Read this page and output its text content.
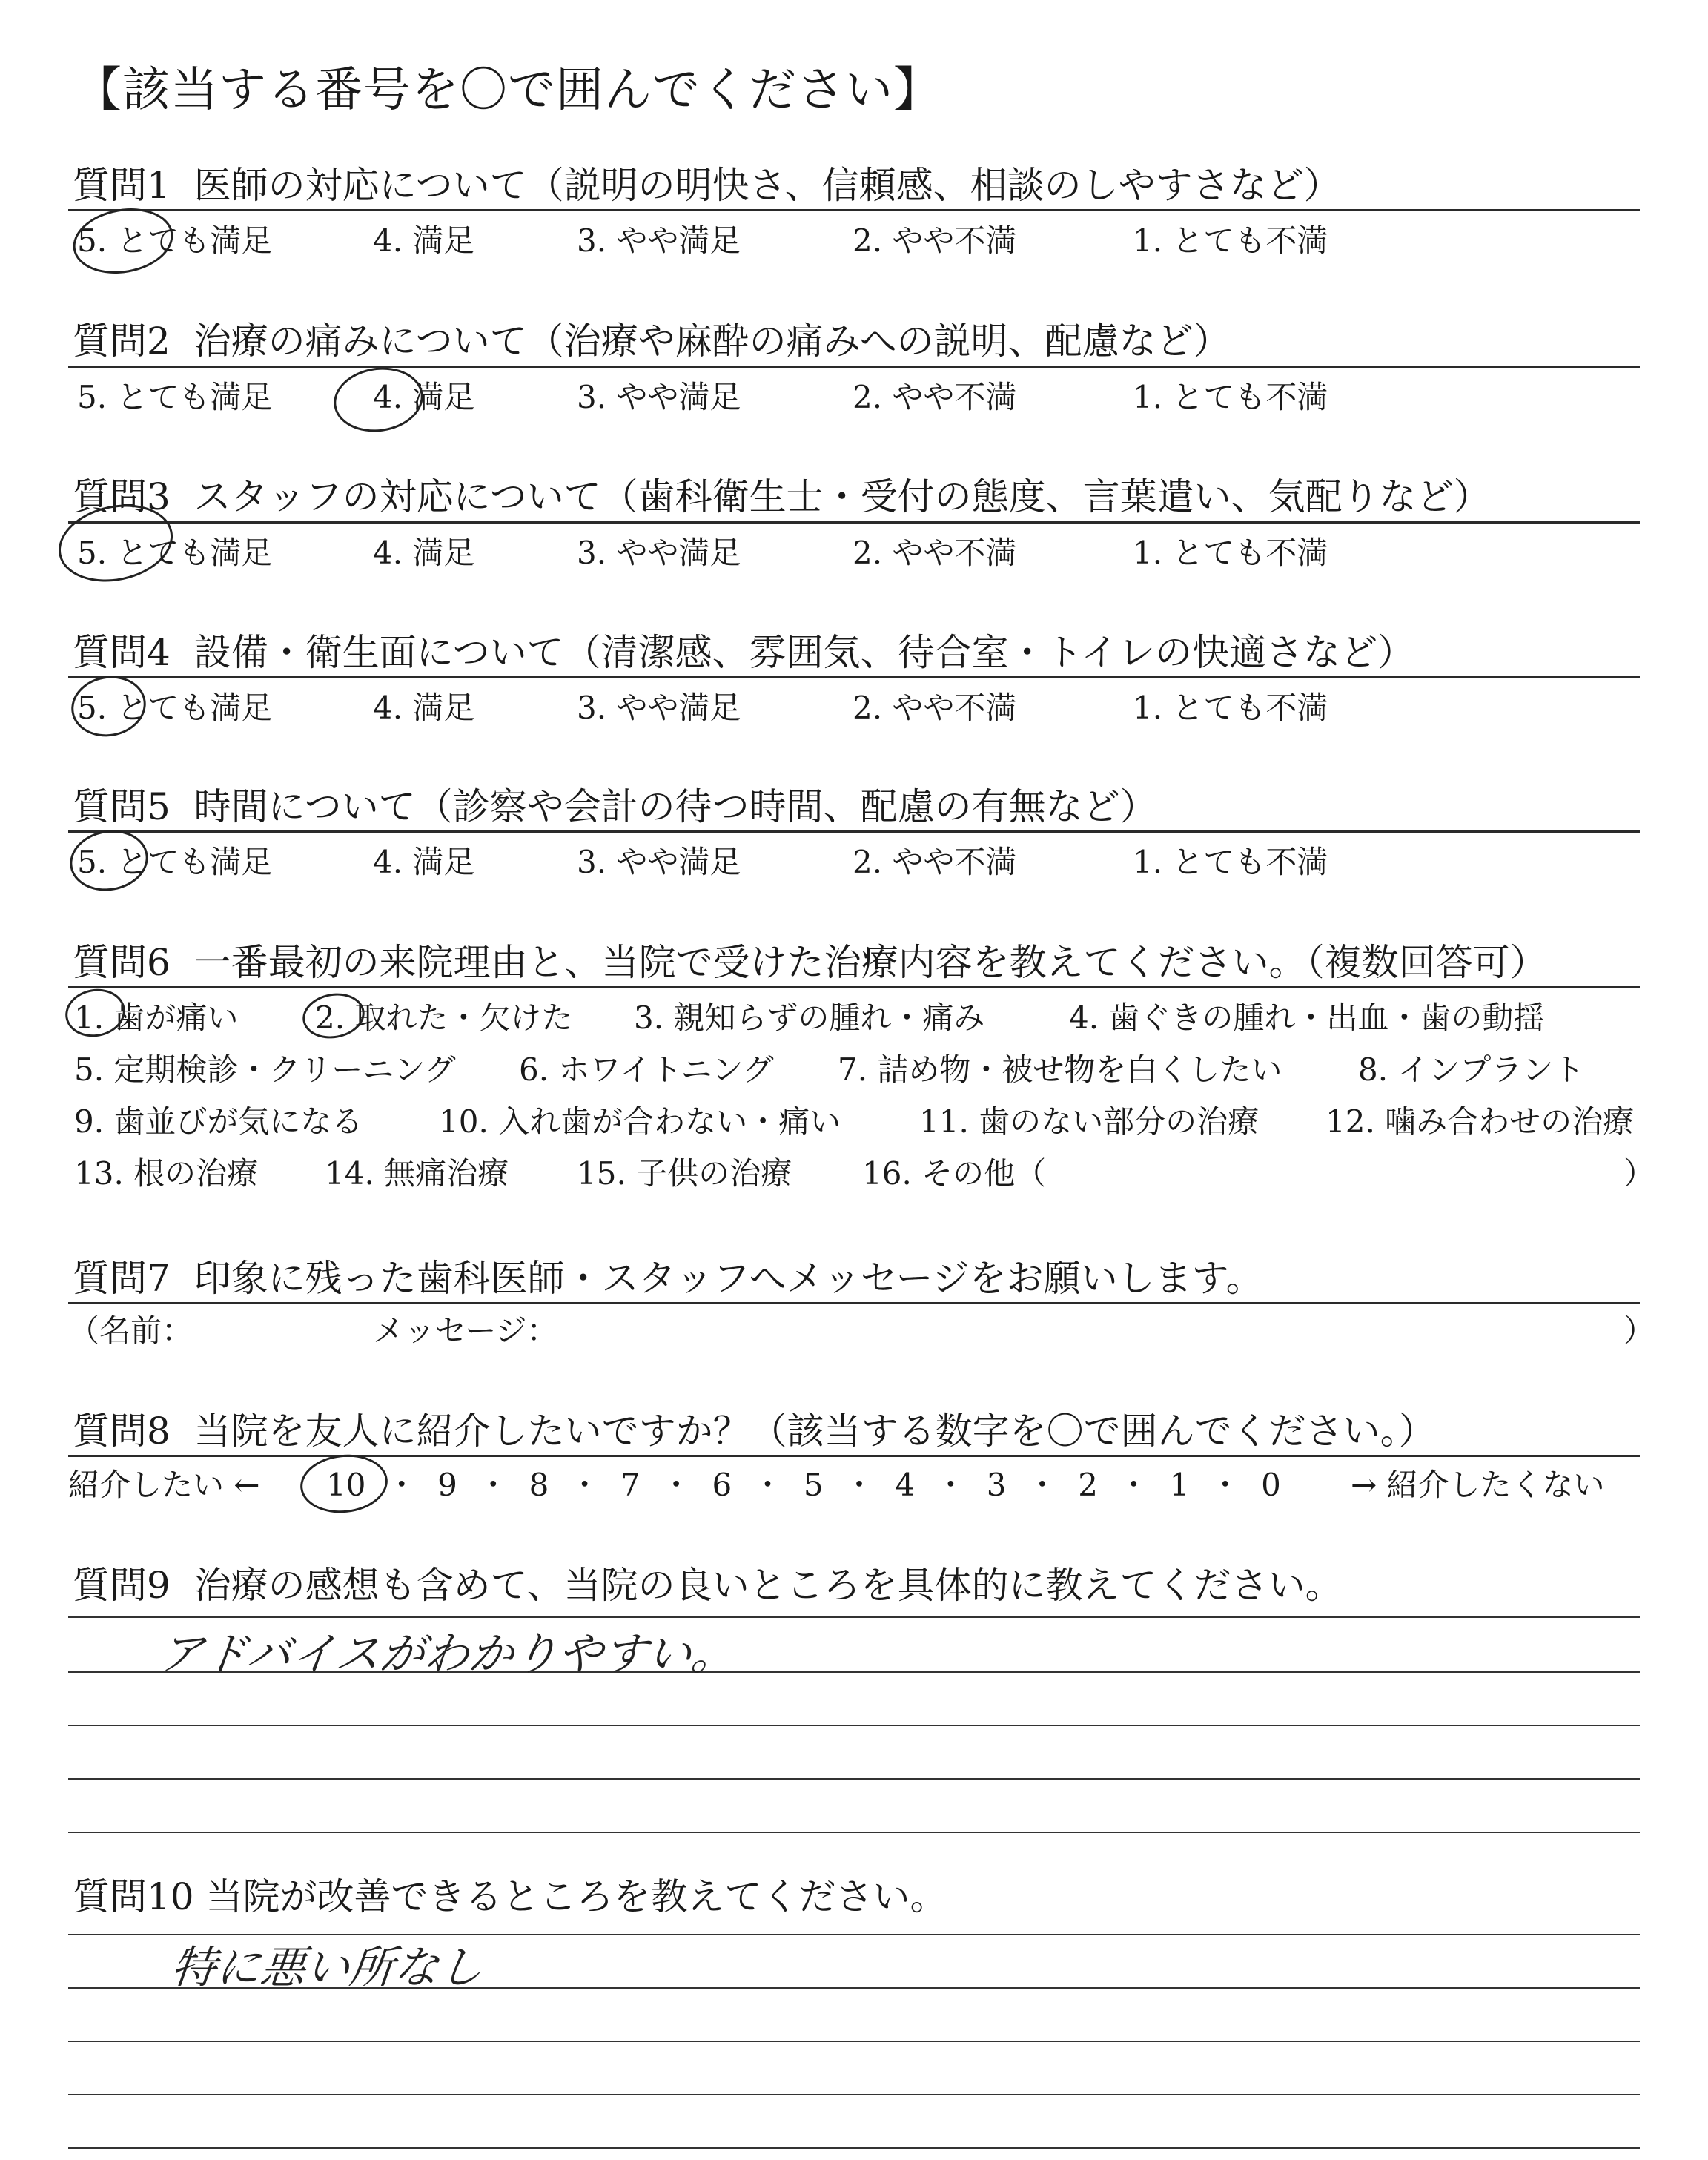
【該当する番号を〇で囲んでください】
質問1 医師の対応について（説明の明快さ、信頼感、相談のしやすさなど）
5. とても満足	4. 満足	3. やや満足	2. やや不満	1. とても不満
質問2 治療の痛みについて（治療や麻酔の痛みへの説明、配慮など）
5. とても満足	4. 満足	3. やや満足	2. やや不満	1. とても不満
質問3 スタッフの対応について（歯科衛生士・受付の態度、言葉遣い、気配りなど）
5. とても満足	4. 満足	3. やや満足	2. やや不満	1. とても不満
質問4 設備・衛生面について（清潔感、雰囲気、待合室・トイレの快適さなど）
5. とても満足	4. 満足	3. やや満足	2. やや不満	1. とても不満
質問5 時間について（診察や会計の待つ時間、配慮の有無など）
5. とても満足	4. 満足	3. やや満足	2. やや不満	1. とても不満
質問6 一番最初の来院理由と、当院で受けた治療内容を教えてください。（複数回答可）
1. 歯が痛い 2. 取れた・欠けた 3. 親知らずの腫れ・痛み	4. 歯ぐきの腫れ・出血・歯の動揺
5. 定期検診・クリーニング 6. ホワイトニング 7. 詰め物・被せ物を白くしたい 8. インプラント
9. 歯並びが気になる 10. 入れ歯が合わない・痛い	11. 歯のない部分の治療 12. 噛み合わせの治療
13. 根の治療 14. 無痛治療 15. 子供の治療 16. その他（	）
質問7 印象に残った歯科医師・スタッフへメッセージをお願いします。
（名前：	メッセージ：	）
質問8 当院を友人に紹介したいですか？（該当する数字を〇で囲んでください。）
紹介したい ← 10 ・ 9 ・ 8 ・ 7 ・ 6 ・ 5 ・ 4 ・ 3 ・ 2 ・ 1 ・ 0 → 紹介したくない
質問9 治療の感想も含めて、当院の良いところを具体的に教えてください。
アドバイスがわかりやすい。
質問10 当院が改善できるところを教えてください。
特に悪い所なし
